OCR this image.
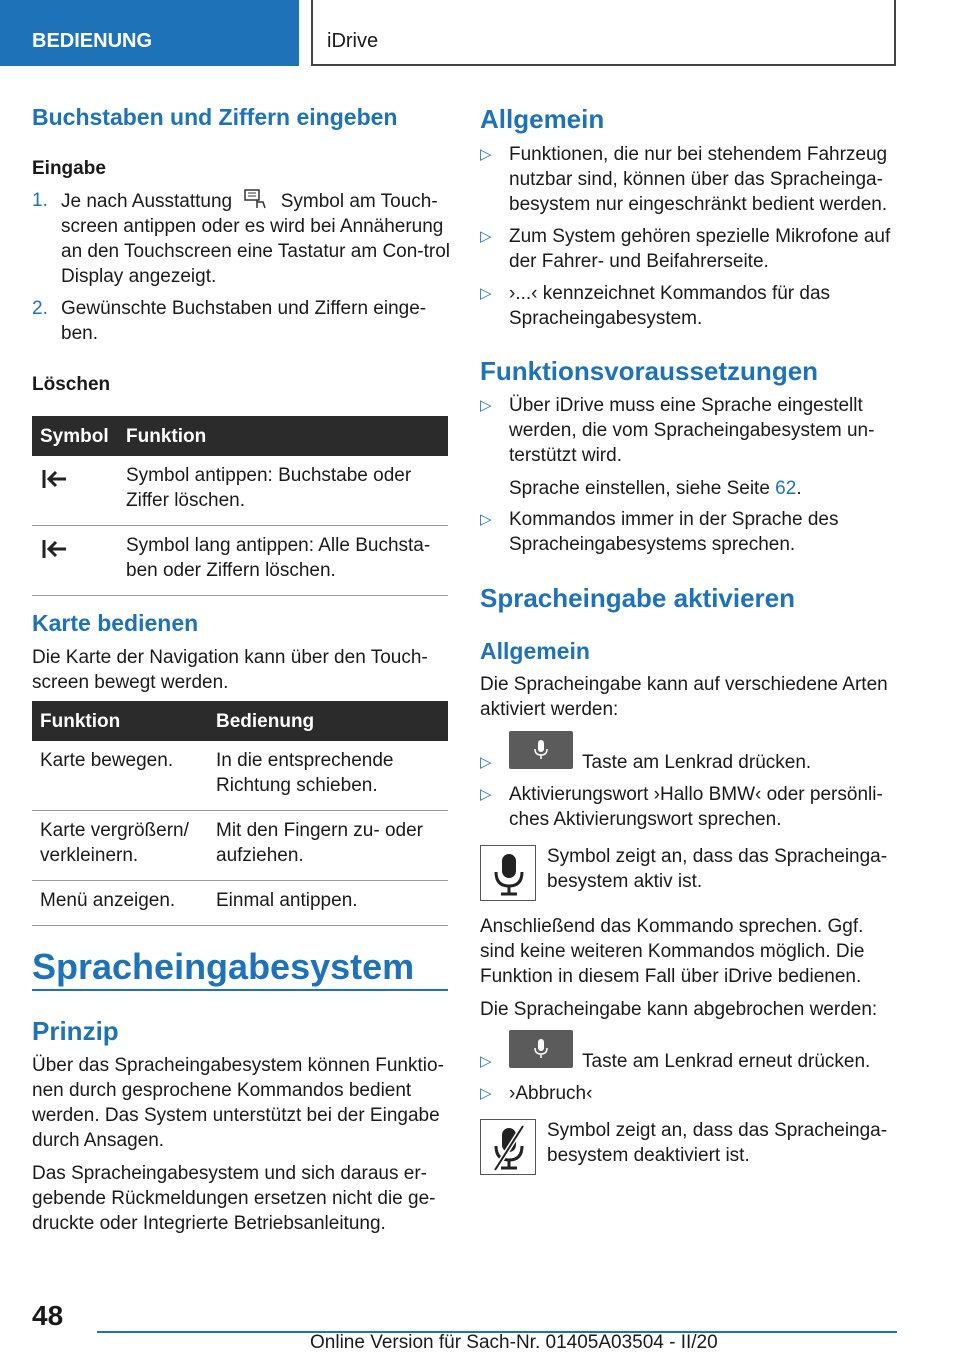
BEDIENUNG	iDrive
Buchstaben und Ziffern eingeben
Eingabe
1. Je nach Ausstattung	Symbol am Touch- screen antippen oder es wird bei Annäherung an den Touchscreen eine Tastatur am Con-trol Display angezeigt.
2. Gewünschte Buchstaben und Ziffern einge-ben.
Löschen
Symbol	Funktion
	Symbol antippen: Buchstabe oder Ziffer löschen.
	Symbol lang antippen: Alle Buchsta-ben oder Ziffern löschen.
Karte bedienen
Die Karte der Navigation kann über den Touch-screen bewegt werden.
Funktion	Bedienung
Karte bewegen.	In die entsprechende Richtung schieben.
Karte vergrößern/ verkleinern.	Mit den Fingern zu- oder aufziehen.
Menü anzeigen.	Einmal antippen.
Spracheingabesystem
Prinzip
Über das Spracheingabesystem können Funktio-nen durch gesprochene Kommandos bedient werden. Das System unterstützt bei der Eingabe durch Ansagen.
Das Spracheingabesystem und sich daraus er-gebende Rückmeldungen ersetzen nicht die ge-druckte oder Integrierte Betriebsanleitung.
Allgemein
▷ Funktionen, die nur bei stehendem Fahrzeug nutzbar sind, können über das Spracheinga-besystem nur eingeschränkt bedient werden.
▷ Zum System gehören spezielle Mikrofone auf der Fahrer- und Beifahrerseite.
▷ ›...‹ kennzeichnet Kommandos für das Spracheingabesystem.
Funktionsvoraussetzungen
▷ Über iDrive muss eine Sprache eingestellt werden, die vom Spracheingabesystem un-terstützt wird.
Sprache einstellen, siehe Seite 62.
▷ Kommandos immer in der Sprache des Spracheingabesystems sprechen.
Spracheingabe aktivieren
Allgemein
Die Spracheingabe kann auf verschiedene Arten aktiviert werden:
▷	Taste am Lenkrad drücken.
▷ Aktivierungswort ›Hallo BMW‹ oder persönli-ches Aktivierungswort sprechen.
Symbol zeigt an, dass das Spracheinga-besystem aktiv ist.
Anschließend das Kommando sprechen. Ggf. sind keine weiteren Kommandos möglich. Die Funktion in diesem Fall über iDrive bedienen.
Die Spracheingabe kann abgebrochen werden:
▷	Taste am Lenkrad erneut drücken.
▷ ›Abbruch‹
Symbol zeigt an, dass das Spracheinga-besystem deaktiviert ist.
48
Online Version für Sach-Nr. 01405A03504 - II/20
